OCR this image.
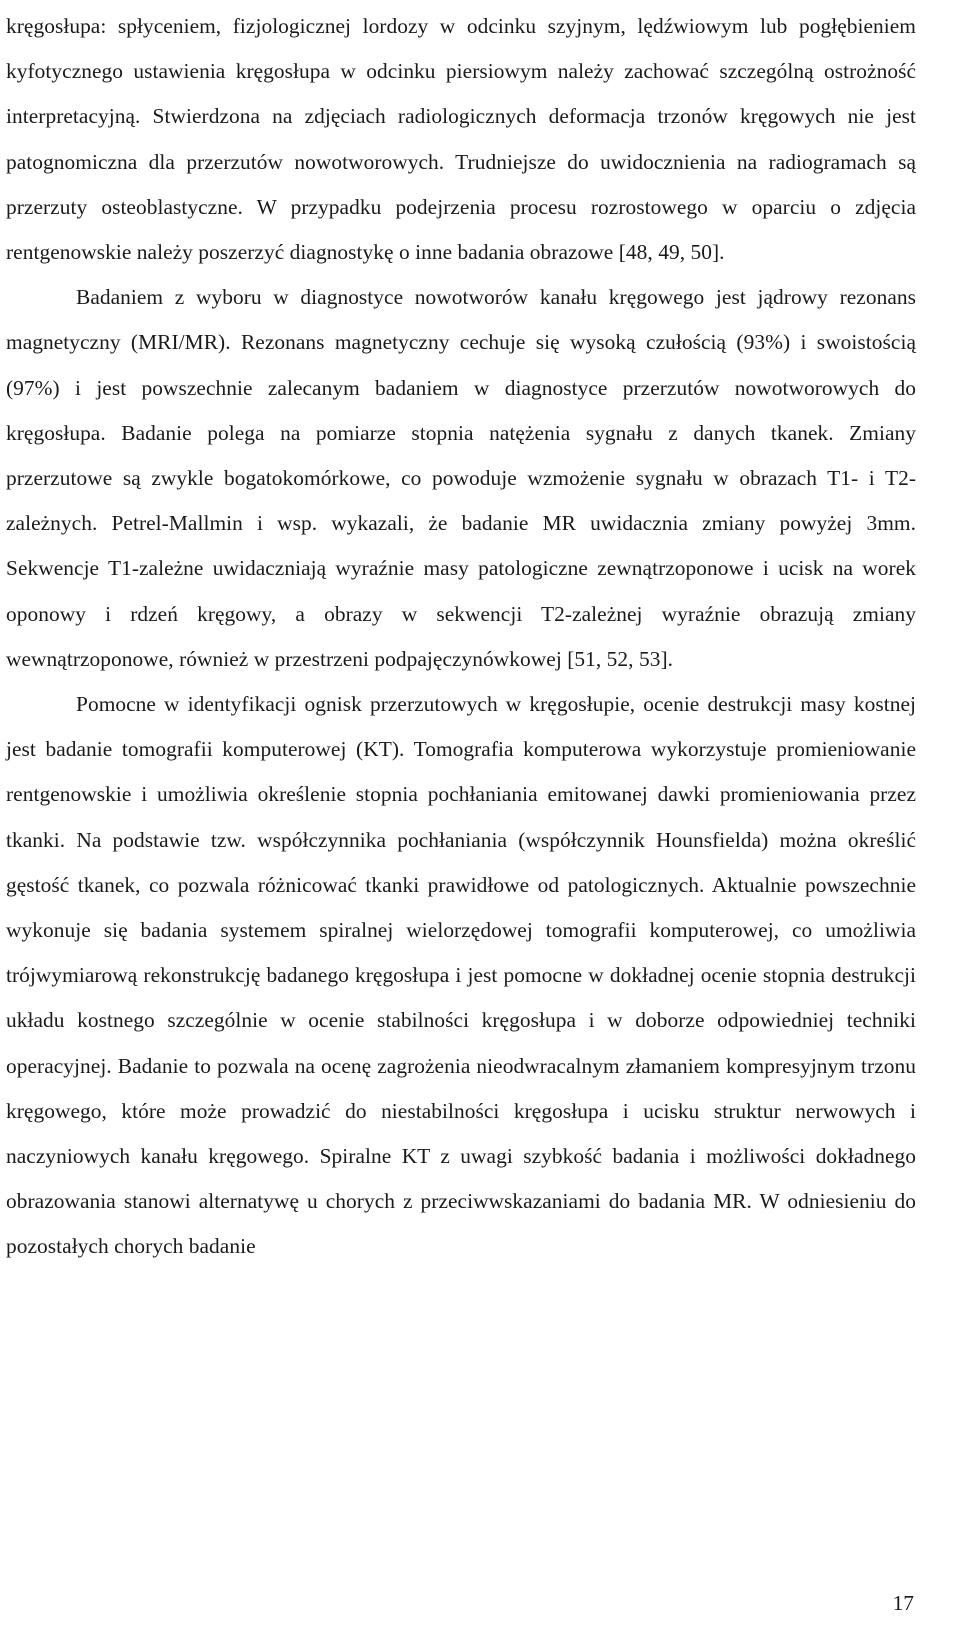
kręgosłupa: spłyceniem, fizjologicznej lordozy w odcinku szyjnym, lędźwiowym lub pogłębieniem kyfotycznego ustawienia kręgosłupa w odcinku piersiowym należy zachować szczególną ostrożność interpretacyjną. Stwierdzona na zdjęciach radiologicznych deformacja trzonów kręgowych nie jest patognomiczna dla przerzutów nowotworowych. Trudniejsze do uwidocznienia na radiogramach są przerzuty osteoblastyczne. W przypadku podejrzenia procesu rozrostowego w oparciu o zdjęcia rentgenowskie należy poszerzyć diagnostykę o inne badania obrazowe [48, 49, 50].

Badaniem z wyboru w diagnostyce nowotworów kanału kręgowego jest jądrowy rezonans magnetyczny (MRI/MR). Rezonans magnetyczny cechuje się wysoką czułością (93%) i swoistością (97%) i jest powszechnie zalecanym badaniem w diagnostyce przerzutów nowotworowych do kręgosłupa. Badanie polega na pomiarze stopnia natężenia sygnału z danych tkanek. Zmiany przerzutowe są zwykle bogatokomórkowe, co powoduje wzmożenie sygnału w obrazach T1- i T2-zależnych. Petrel-Mallmin i wsp. wykazali, że badanie MR uwidacznia zmiany powyżej 3mm. Sekwencje T1-zależne uwidaczniają wyraźnie masy patologiczne zewnątrzoponowe i ucisk na worek oponowy i rdzeń kręgowy, a obrazy w sekwencji T2-zależnej wyraźnie obrazują zmiany wewnątrzoponowe, również w przestrzeni podpajęczynówkowej [51, 52, 53].

Pomocne w identyfikacji ognisk przerzutowych w kręgosłupie, ocenie destrukcji masy kostnej jest badanie tomografii komputerowej (KT). Tomografia komputerowa wykorzystuje promieniowanie rentgenowskie i umożliwia określenie stopnia pochłaniania emitowanej dawki promieniowania przez tkanki. Na podstawie tzw. współczynnika pochłaniania (współczynnik Hounsfielda) można określić gęstość tkanek, co pozwala różnicować tkanki prawidłowe od patologicznych. Aktualnie powszechnie wykonuje się badania systemem spiralnej wielorzędowej tomografii komputerowej, co umożliwia trójwymiarową rekonstrukcję badanego kręgosłupa i jest pomocne w dokładnej ocenie stopnia destrukcji układu kostnego szczególnie w ocenie stabilności kręgosłupa i w doborze odpowiedniej techniki operacyjnej. Badanie to pozwala na ocenę zagrożenia nieodwracalnym złamaniem kompresyjnym trzonu kręgowego, które może prowadzić do niestabilności kręgosłupa i ucisku struktur nerwowych i naczyniowych kanału kręgowego. Spiralne KT z uwagi szybkość badania i możliwości dokładnego obrazowania stanowi alternatywę u chorych z przeciwwskazaniami do badania MR. W odniesieniu do pozostałych chorych badanie

17
